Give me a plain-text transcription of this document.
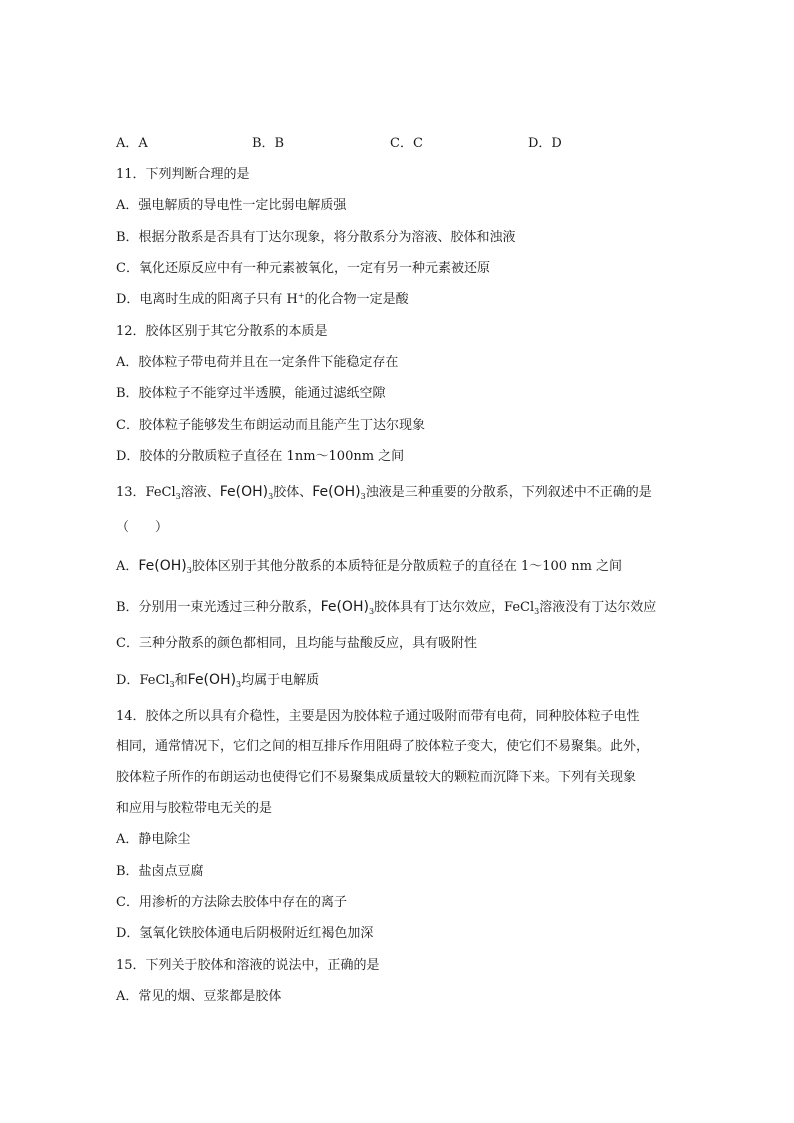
A．A	B．B	C．C	D．D
11．下列判断合理的是
A．强电解质的导电性一定比弱电解质强
B．根据分散系是否具有丁达尔现象，将分散系分为溶液、胶体和浊液
C．氧化还原反应中有一种元素被氧化，一定有另一种元素被还原
D．电离时生成的阳离子只有 H+的化合物一定是酸
12．胶体区别于其它分散系的本质是
A．胶体粒子带电荷并且在一定条件下能稳定存在
B．胶体粒子不能穿过半透膜，能通过滤纸空隙
C．胶体粒子能够发生布朗运动而且能产生丁达尔现象
D．胶体的分散质粒子直径在 1nm～100nm 之间
13．FeCl$_3$溶液、$Fe(OH)_3$胶体、$Fe(OH)_3$浊液是三种重要的分散系，下列叙述中不正确的是
（　　）
A．$Fe(OH)_3$胶体区别于其他分散系的本质特征是分散质粒子的直径在 1～100 nm 之间
B．分别用一束光透过三种分散系，$Fe(OH)_3$胶体具有丁达尔效应，FeCl$_3$溶液没有丁达尔效应
C．三种分散系的颜色都相同，且均能与盐酸反应，具有吸附性
D．FeCl$_3$和$Fe(OH)_3$均属于电解质
14．胶体之所以具有介稳性，主要是因为胶体粒子通过吸附而带有电荷，同种胶体粒子电性
相同，通常情况下，它们之间的相互排斥作用阻碍了胶体粒子变大，使它们不易聚集。此外，
胶体粒子所作的布朗运动也使得它们不易聚集成质量较大的颗粒而沉降下来。下列有关现象
和应用与胶粒带电无关的是
A．静电除尘
B．盐卤点豆腐
C．用渗析的方法除去胶体中存在的离子
D．氢氧化铁胶体通电后阴极附近红褐色加深
15．下列关于胶体和溶液的说法中，正确的是
A．常见的烟、豆浆都是胶体
